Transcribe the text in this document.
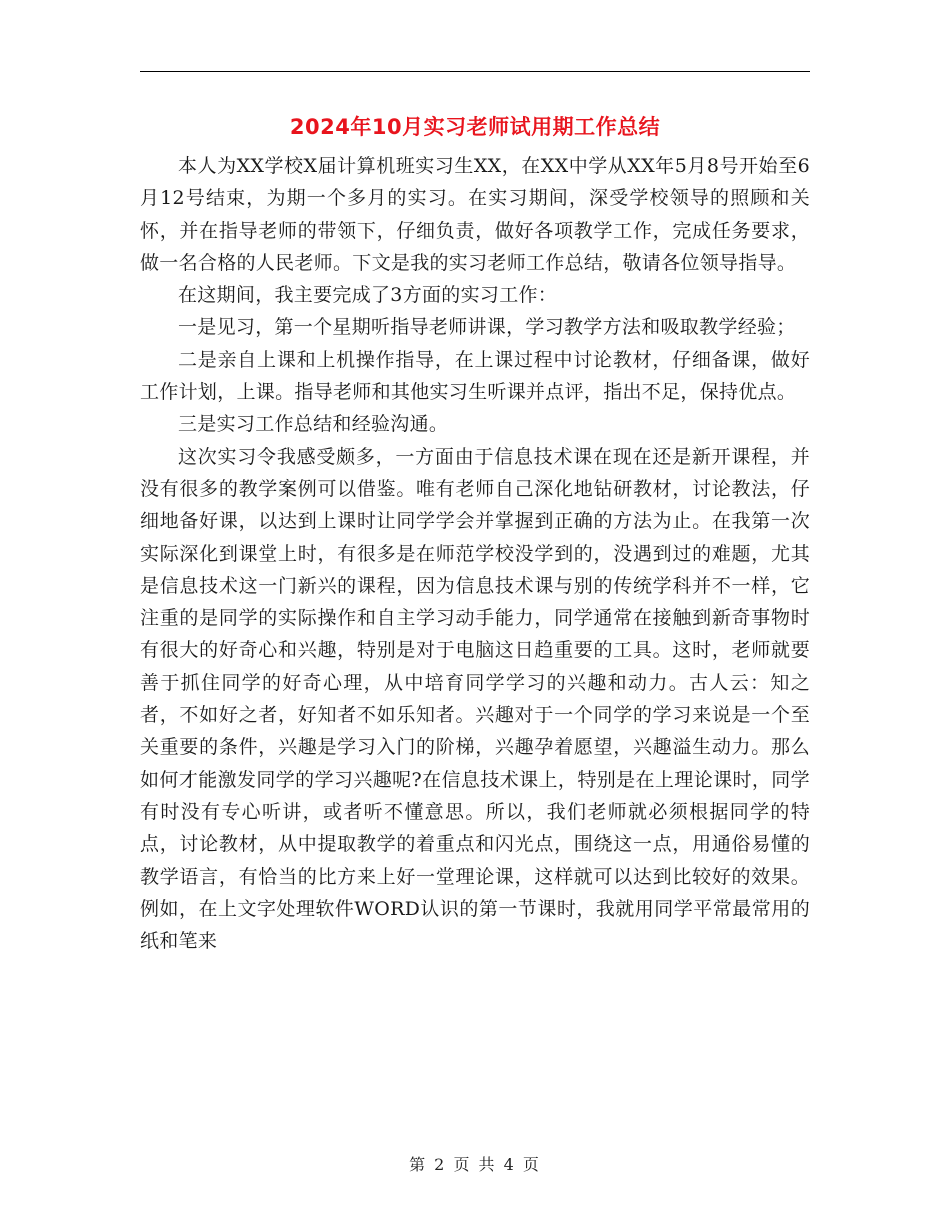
2024年10月实习老师试用期工作总结

本人为XX学校X届计算机班实习生XX，在XX中学从XX年5月8号开始至6月12号结束，为期一个多月的实习。在实习期间，深受学校领导的照顾和关怀，并在指导老师的带领下，仔细负责，做好各项教学工作，完成任务要求，做一名合格的人民老师。下文是我的实习老师工作总结，敬请各位领导指导。

在这期间，我主要完成了3方面的实习工作：

一是见习，第一个星期听指导老师讲课，学习教学方法和吸取教学经验；

二是亲自上课和上机操作指导，在上课过程中讨论教材，仔细备课，做好工作计划，上课。指导老师和其他实习生听课并点评，指出不足，保持优点。

三是实习工作总结和经验沟通。

这次实习令我感受颇多，一方面由于信息技术课在现在还是新开课程，并没有很多的教学案例可以借鉴。唯有老师自己深化地钻研教材，讨论教法，仔细地备好课，以达到上课时让同学学会并掌握到正确的方法为止。在我第一次实际深化到课堂上时，有很多是在师范学校没学到的，没遇到过的难题，尤其是信息技术这一门新兴的课程，因为信息技术课与别的传统学科并不一样，它注重的是同学的实际操作和自主学习动手能力，同学通常在接触到新奇事物时有很大的好奇心和兴趣，特别是对于电脑这日趋重要的工具。这时，老师就要善于抓住同学的好奇心理，从中培育同学学习的兴趣和动力。古人云：知之者，不如好之者，好知者不如乐知者。兴趣对于一个同学的学习来说是一个至关重要的条件，兴趣是学习入门的阶梯，兴趣孕着愿望，兴趣溢生动力。那么如何才能激发同学的学习兴趣呢?在信息技术课上，特别是在上理论课时，同学有时没有专心听讲，或者听不懂意思。所以，我们老师就必须根据同学的特点，讨论教材，从中提取教学的着重点和闪光点，围绕这一点，用通俗易懂的教学语言，有恰当的比方来上好一堂理论课，这样就可以达到比较好的效果。例如，在上文字处理软件WORD认识的第一节课时，我就用同学平常最常用的纸和笔来

第 2 页 共 4 页
